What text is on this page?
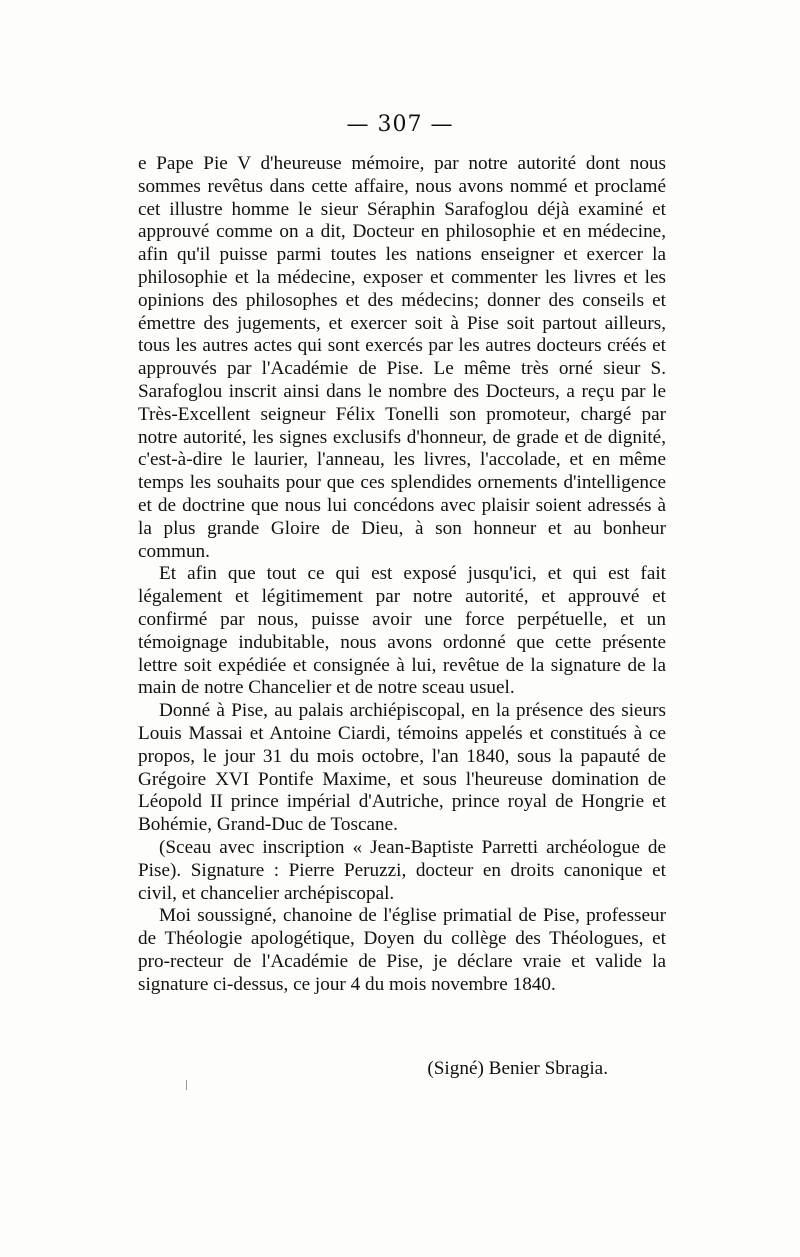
— 307 —

e Pape Pie V d'heureuse mémoire, par notre autorité dont nous sommes revêtus dans cette affaire, nous avons nommé et proclamé cet illustre homme le sieur Séraphin Sarafoglou déjà examiné et approuvé comme on a dit, Docteur en philosophie et en médecine, afin qu'il puisse parmi toutes les nations enseigner et exercer la philosophie et la médecine, exposer et commenter les livres et les opinions des philosophes et des médecins; donner des conseils et émettre des jugements, et exercer soit à Pise soit partout ailleurs, tous les autres actes qui sont exercés par les autres docteurs créés et approuvés par l'Académie de Pise. Le même très orné sieur S. Sarafoglou inscrit ainsi dans le nombre des Docteurs, a reçu par le Très-Excellent seigneur Félix Tonelli son promoteur, chargé par notre autorité, les signes exclusifs d'honneur, de grade et de dignité, c'est-à-dire le laurier, l'anneau, les livres, l'accolade, et en même temps les souhaits pour que ces splendides ornements d'intelligence et de doctrine que nous lui concédons avec plaisir soient adressés à la plus grande Gloire de Dieu, à son honneur et au bonheur commun.

Et afin que tout ce qui est exposé jusqu'ici, et qui est fait légalement et légitimement par notre autorité, et approuvé et confirmé par nous, puisse avoir une force perpétuelle, et un témoignage indubitable, nous avons ordonné que cette présente lettre soit expédiée et consignée à lui, revêtue de la signature de la main de notre Chancelier et de notre sceau usuel.

Donné à Pise, au palais archiépiscopal, en la présence des sieurs Louis Massai et Antoine Ciardi, témoins appelés et constitués à ce propos, le jour 31 du mois octobre, l'an 1840, sous la papauté de Grégoire XVI Pontife Maxime, et sous l'heureuse domination de Léopold II prince impérial d'Autriche, prince royal de Hongrie et Bohémie, Grand-Duc de Toscane.

(Sceau avec inscription « Jean-Baptiste Parretti archéologue de Pise). Signature : Pierre Peruzzi, docteur en droits canonique et civil, et chancelier archépiscopal.

Moi soussigné, chanoine de l'église primatial de Pise, professeur de Théologie apologétique, Doyen du collège des Théologues, et pro-recteur de l'Académie de Pise, je déclare vraie et valide la signature ci-dessus, ce jour 4 du mois novembre 1840.

(Signé) Benier Sbragia.
